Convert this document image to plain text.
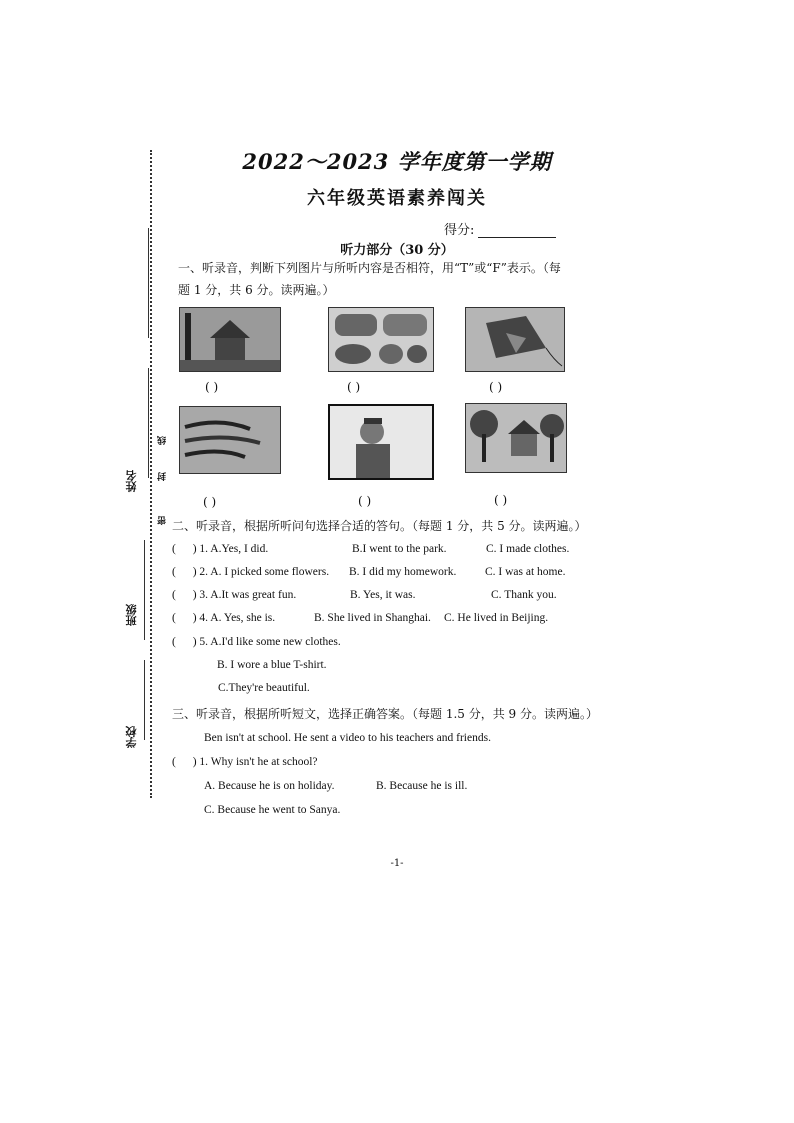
姓名
班级
学校
线
封
密
2022～2023 学年度第一学期
六年级英语素养闯关
得分:
听力部分（30 分）
一、听录音，判断下列图片与所听内容是否相符，用“T”或“F”表示。（每
题 1 分，共 6 分。读两遍。）
( )	( )	( )
( )	( )	( )
二、听录音，根据所听问句选择合适的答句。（每题 1 分，共 5 分。读两遍。）
( ) 1. A.Yes, I did.	B.I went to the park.	C. I made clothes.
( ) 2. A. I picked some flowers. B. I did my homework. C. I was at home.
( ) 3. A.It was great fun.	B. Yes, it was.	C. Thank you.
( ) 4. A. Yes, she is.	B. She lived in Shanghai. C. He lived in Beijing.
( ) 5. A.I'd like some new clothes.
B. I wore a blue T-shirt.
C.They're beautiful.
三、听录音，根据所听短文，选择正确答案。（每题 1.5 分，共 9 分。读两遍。）
Ben isn't at school. He sent a video to his teachers and friends.
( ) 1. Why isn't he at school?
A. Because he is on holiday.	B. Because he is ill.
C. Because he went to Sanya.
-1-
